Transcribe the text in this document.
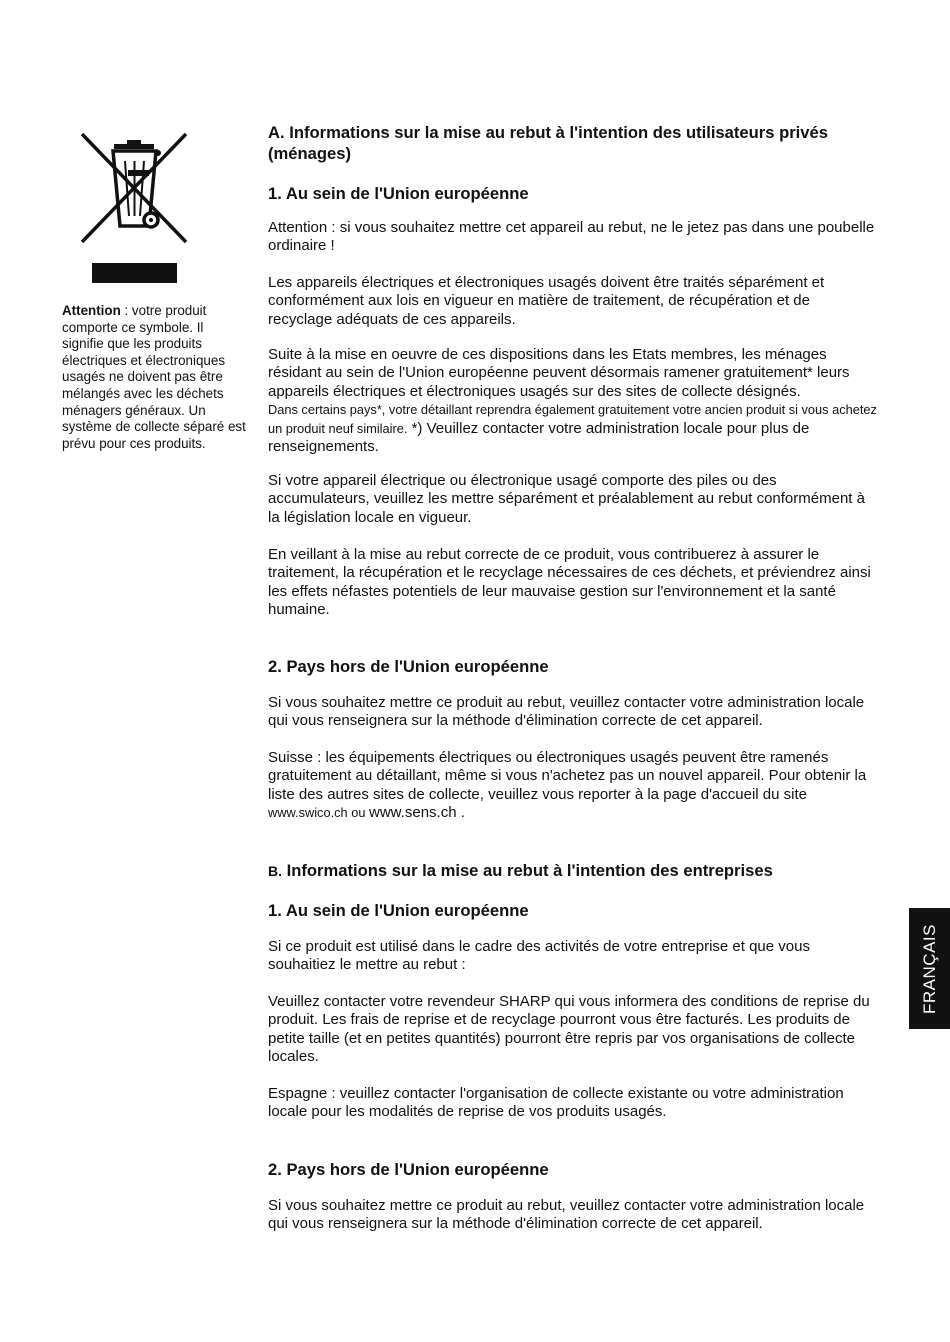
Attention : votre produit comporte ce symbole. Il signifie que les produits électriques et électroniques usagés ne doivent pas être mélangés avec les déchets ménagers généraux. Un système de collecte séparé est prévu pour ces produits.

A. Informations sur la mise au rebut à l'intention des utilisateurs privés (ménages)
1. Au sein de l'Union européenne

Attention : si vous souhaitez mettre cet appareil au rebut, ne le jetez pas dans une poubelle ordinaire !

Les appareils électriques et électroniques usagés doivent être traités séparément et conformément aux lois en vigueur en matière de traitement, de récupération et de recyclage adéquats de ces appareils.

Suite à la mise en oeuvre de ces dispositions dans les Etats membres, les ménages résidant au sein de l'Union européenne peuvent désormais ramener gratuitement* leurs appareils électriques et électroniques usagés sur des sites de collecte désignés.
Dans certains pays*, votre détaillant reprendra également gratuitement votre ancien produit si vous achetez un produit neuf similaire. *) Veuillez contacter votre administration locale pour plus de renseignements.

Si votre appareil électrique ou électronique usagé comporte des piles ou des accumulateurs, veuillez les mettre séparément et préalablement au rebut conformément à la législation locale en vigueur.

En veillant à la mise au rebut correcte de ce produit, vous contribuerez à assurer le traitement, la récupération et le recyclage nécessaires de ces déchets, et préviendrez ainsi les effets néfastes potentiels de leur mauvaise gestion sur l'environnement et la santé humaine.

2. Pays hors de l'Union européenne

Si vous souhaitez mettre ce produit au rebut, veuillez contacter votre administration locale qui vous renseignera sur la méthode d'élimination correcte de cet appareil.

Suisse : les équipements électriques ou électroniques usagés peuvent être ramenés gratuitement au détaillant, même si vous n'achetez pas un nouvel appareil. Pour obtenir la liste des autres sites de collecte, veuillez vous reporter à la page d'accueil du site www.swico.ch ou www.sens.ch .

B. Informations sur la mise au rebut à l'intention des entreprises
1. Au sein de l'Union européenne

Si ce produit est utilisé dans le cadre des activités de votre entreprise et que vous souhaitiez le mettre au rebut :

Veuillez contacter votre revendeur SHARP qui vous informera des conditions de reprise du produit. Les frais de reprise et de recyclage pourront vous être facturés. Les produits de petite taille (et en petites quantités) pourront être repris par vos organisations de collecte locales.

Espagne : veuillez contacter l'organisation de collecte existante ou votre administration locale pour les modalités de reprise de vos produits usagés.

2. Pays hors de l'Union européenne

Si vous souhaitez mettre ce produit au rebut, veuillez contacter votre administration locale qui vous renseignera sur la méthode d'élimination correcte de cet appareil.

FRANÇAIS
